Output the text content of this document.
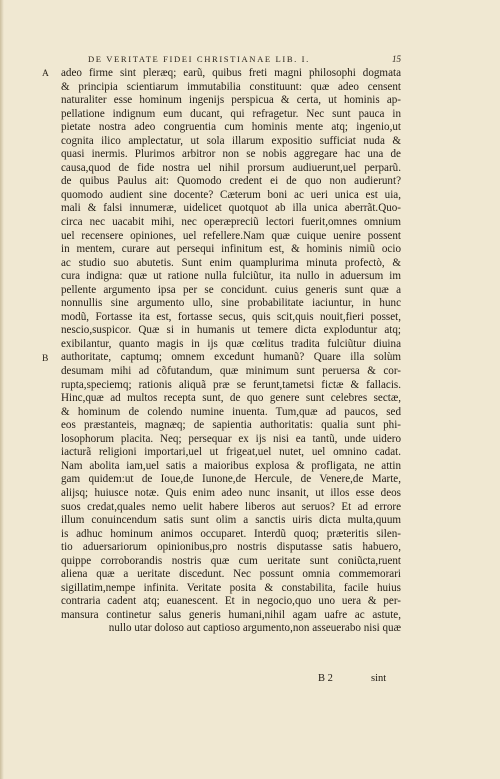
DE VERITATE FIDEI CHRISTIANAE LIB. I.	15
A
B
adeo firme sint pleræq; earũ, quibus freti magni philosophi dogmata
& principia scientiarum immutabilia constituunt: quæ adeo censent
naturaliter esse hominum ingenijs perspicua & certa, ut hominis ap-
pellatione indignum eum ducant, qui refragetur. Nec sunt pauca in
pietate nostra adeo congruentia cum hominis mente atq; ingenio,ut
cognita ilico amplectatur, ut sola illarum expositio sufficiat nuda &
quasi inermis. Plurimos arbitror non se nobis aggregare hac una de
causa,quod de fide nostra uel nihil prorsum audiuerunt,uel perparũ.
de quibus Paulus ait: Quomodo credent ei de quo non audierunt?
quomodo audient sine docente? Cæterum boni ac ueri unica est uia,
mali & falsi innumeræ, uidelicet quotquot ab illa unica aberrãt.Quo-
circa nec uacabit mihi, nec operæpreciũ lectori fuerit,omnes omnium
uel recensere opiniones, uel refellere.Nam quæ cuique uenire possent
in mentem, curare aut persequi infinitum est, & hominis nimiũ ocio
ac studio suo abutetis. Sunt enim quamplurima minuta profectò, &
cura indigna: quæ ut ratione nulla fulciũtur, ita nullo in aduersum im
pellente argumento ipsa per se concidunt. cuius generis sunt quæ a
nonnullis sine argumento ullo, sine probabilitate iaciuntur, in hunc
modũ, Fortasse ita est, fortasse secus, quis scit,quis nouit,fieri posset,
nescio,suspicor. Quæ si in humanis ut temere dicta exploduntur atq;
exibilantur, quanto magis in ijs quæ cœlitus tradita fulciũtur diuina
authoritate, captumq; omnem excedunt humanũ? Quare illa solùm
desumam mihi ad cõfutandum, quæ minimum sunt peruersa & cor-
rupta,speciemq; rationis aliquã præ se ferunt,tametsi fictæ & fallacis.
Hinc,quæ ad multos recepta sunt, de quo genere sunt celebres sectæ,
& hominum de colendo numine inuenta. Tum,quæ ad paucos, sed
eos præstanteis, magnæq; de sapientia authoritatis: qualia sunt phi-
losophorum placita. Neq; persequar ex ijs nisi ea tantũ, unde uidero
iacturã religioni importari,uel ut frigeat,uel nutet, uel omnino cadat.
Nam abolita iam,uel satis a maioribus explosa & profligata, ne attin
gam quidem:ut de Ioue,de Iunone,de Hercule, de Venere,de Marte,
alijsq; huiusce notæ. Quis enim adeo nunc insanit, ut illos esse deos
suos credat,quales nemo uelit habere liberos aut seruos? Et ad errore
illum conuincendum satis sunt olim a sanctis uiris dicta multa,quum
is adhuc hominum animos occuparet. Interdũ quoq; præteritis silen-
tio aduersariorum opinionibus,pro nostris disputasse satis habuero,
quippe corroborandis nostris quæ cum ueritate sunt coniũcta,ruent
aliena quæ a ueritate discedunt. Nec possunt omnia commemorari
sigillatim,nempe infinita. Veritate posita & constabilita, facile huius
contraria cadent atq; euanescent. Et in negocio,quo uno uera & per-
mansura continetur salus generis humani,nihil agam uafre ac astute,
nullo utar doloso aut captioso argumento,non asseuerabo nisi quæ
B 2	sint
